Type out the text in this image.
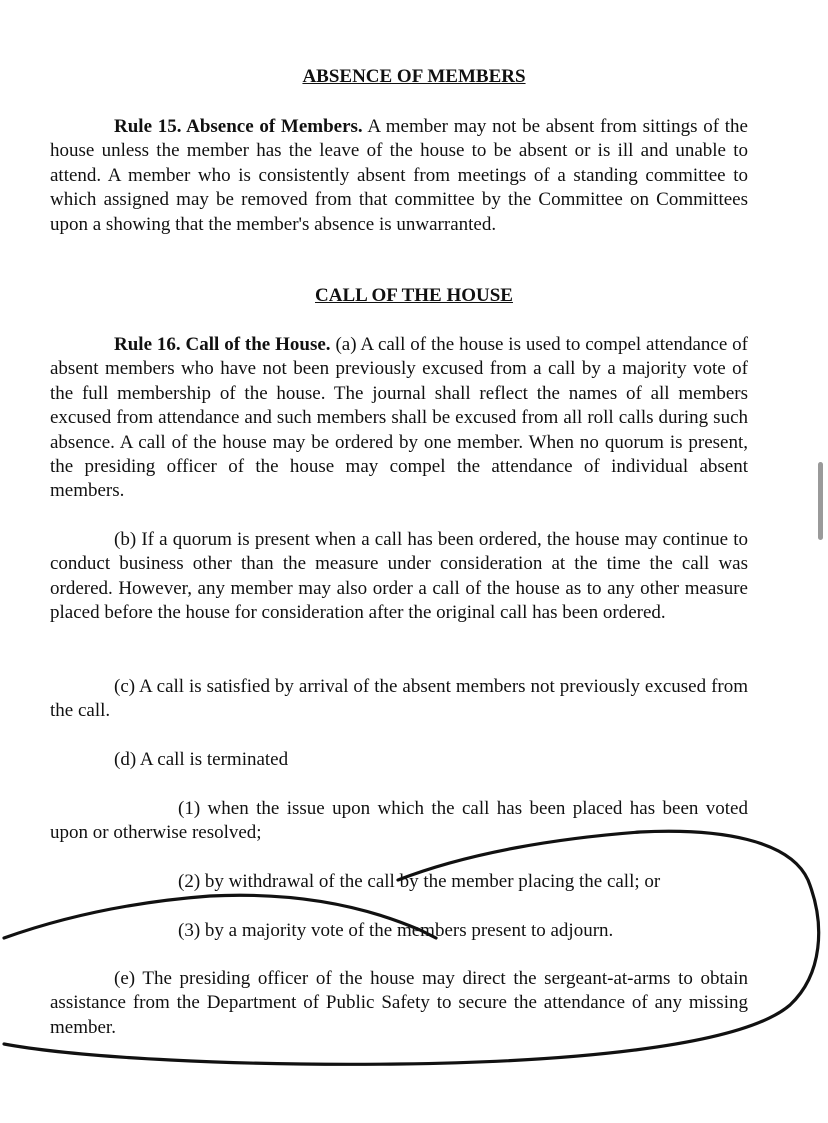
ABSENCE OF MEMBERS

Rule 15. Absence of Members. A member may not be absent from sittings of the house unless the member has the leave of the house to be absent or is ill and unable to attend. A member who is consistently absent from meetings of a standing committee to which assigned may be removed from that committee by the Committee on Committees upon a showing that the member's absence is unwarranted.

CALL OF THE HOUSE

Rule 16. Call of the House. (a) A call of the house is used to compel attendance of absent members who have not been previously excused from a call by a majority vote of the full membership of the house. The journal shall reflect the names of all members excused from attendance and such members shall be excused from all roll calls during such absence. A call of the house may be ordered by one member. When no quorum is present, the presiding officer of the house may compel the attendance of individual absent members.

(b) If a quorum is present when a call has been ordered, the house may continue to conduct business other than the measure under consideration at the time the call was ordered. However, any member may also order a call of the house as to any other measure placed before the house for consideration after the original call has been ordered.

(c) A call is satisfied by arrival of the absent members not previously excused from the call.

(d) A call is terminated

(1) when the issue upon which the call has been placed has been voted upon or otherwise resolved;

(2) by withdrawal of the call by the member placing the call; or
(3) by a majority vote of the members present to adjourn.

(e) The presiding officer of the house may direct the sergeant-at-arms to obtain assistance from the Department of Public Safety to secure the attendance of any missing member.
